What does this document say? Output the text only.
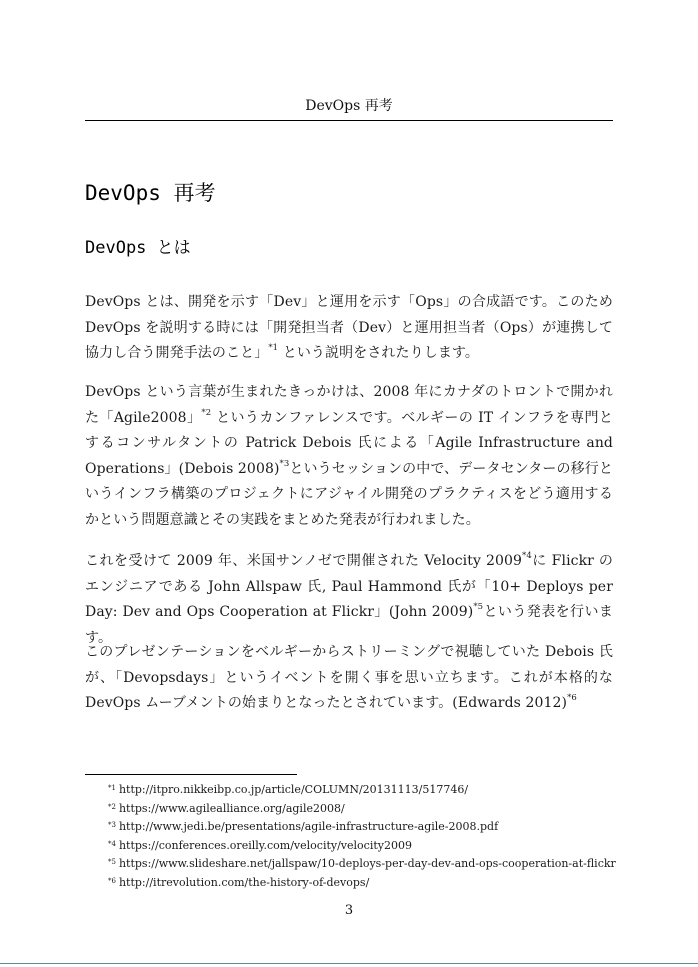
DevOps 再考
DevOps 再考
DevOps とは

DevOps とは、開発を示す「Dev」と運用を示す「Ops」の合成語です。このため DevOps を説明する時には「開発担当者（Dev）と運用担当者（Ops）が連携して協力し合う開発手法のこと」$^{*1}$ という説明をされたりします。

DevOps という言葉が生まれたきっかけは、2008 年にカナダのトロントで開かれた「Agile2008」$^{*2}$ というカンファレンスです。ベルギーの IT インフラを専門とするコンサルタントの Patrick Debois 氏による「Agile Infrastructure and Operations」(Debois 2008)$^{*3}$というセッションの中で、データセンターの移行というインフラ構築のプロジェクトにアジャイル開発のプラクティスをどう適用するかという問題意識とその実践をまとめた発表が行われました。

これを受けて 2009 年、米国サンノゼで開催された Velocity 2009$^{*4}$に Flickr のエンジニアである John Allspaw 氏, Paul Hammond 氏が「10+ Deploys per Day: Dev and Ops Cooperation at Flickr」(John 2009)$^{*5}$という発表を行います。

このプレゼンテーションをベルギーからストリーミングで視聴していた Debois 氏が、「Devopsdays」というイベントを開く事を思い立ちます。これが本格的な DevOps ムーブメントの始まりとなったとされています。(Edwards 2012)$^{*6}$

$^{*1}$ http://itpro.nikkeibp.co.jp/article/COLUMN/20131113/517746/
$^{*2}$ https://www.agilealliance.org/agile2008/
$^{*3}$ http://www.jedi.be/presentations/agile-infrastructure-agile-2008.pdf
$^{*4}$ https://conferences.oreilly.com/velocity/velocity2009
$^{*5}$ https://www.slideshare.net/jallspaw/10-deploys-per-day-dev-and-ops-cooperation-at-flickr
$^{*6}$ http://itrevolution.com/the-history-of-devops/
3
